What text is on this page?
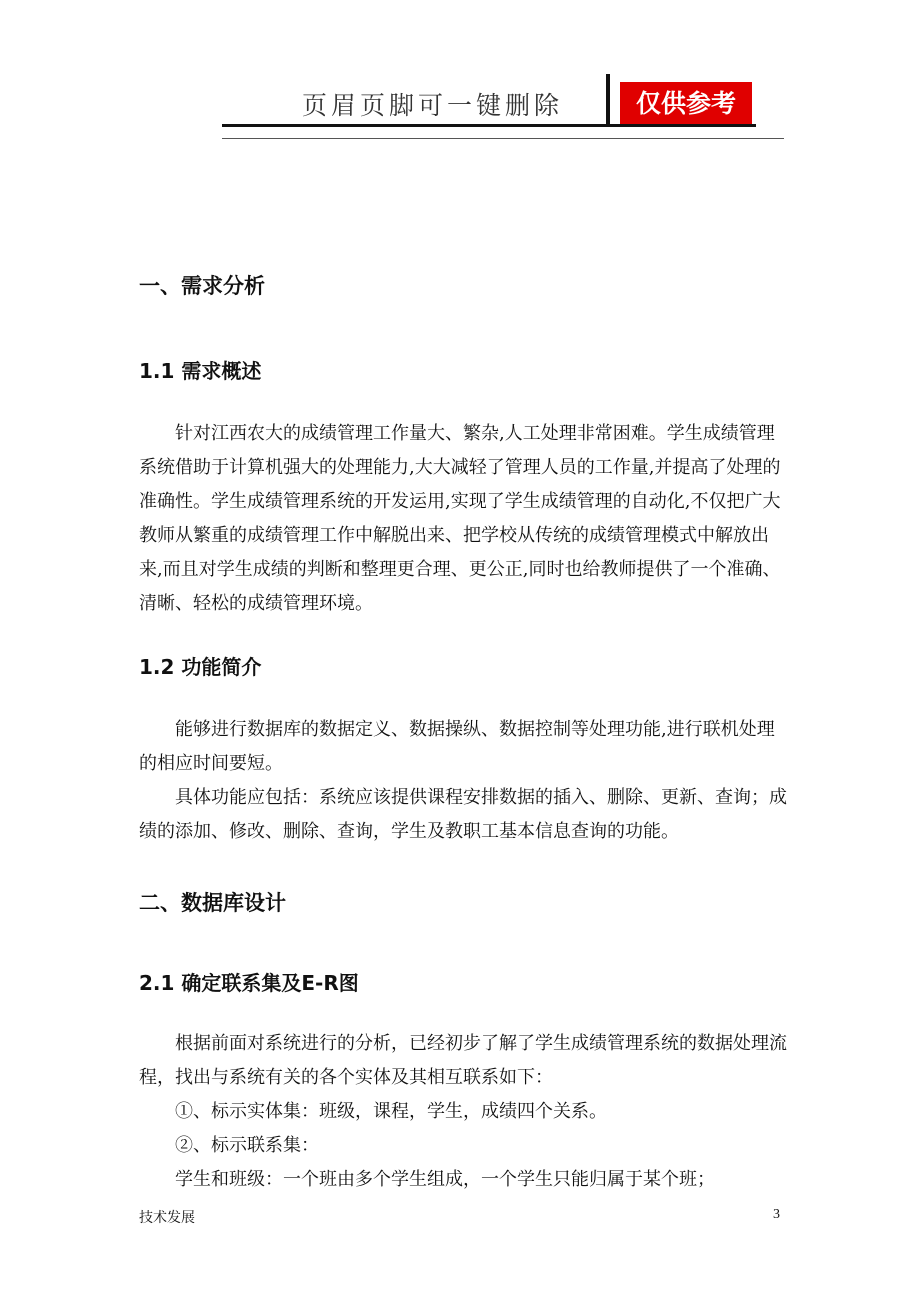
页眉页脚可一键删除	仅供参考
一、需求分析
1.1 需求概述

针对江西农大的成绩管理工作量大、繁杂,人工处理非常困难。学生成绩管理系统借助于计算机强大的处理能力,大大减轻了管理人员的工作量,并提高了处理的准确性。学生成绩管理系统的开发运用,实现了学生成绩管理的自动化,不仅把广大教师从繁重的成绩管理工作中解脱出来、把学校从传统的成绩管理模式中解放出来,而且对学生成绩的判断和整理更合理、更公正,同时也给教师提供了一个准确、清晰、轻松的成绩管理环境。

1.2 功能简介

能够进行数据库的数据定义、数据操纵、数据控制等处理功能,进行联机处理的相应时间要短。

具体功能应包括：系统应该提供课程安排数据的插入、删除、更新、查询；成绩的添加、修改、删除、查询，学生及教职工基本信息查询的功能。

二、数据库设计
2.1 确定联系集及E-R图

根据前面对系统进行的分析，已经初步了解了学生成绩管理系统的数据处理流程，找出与系统有关的各个实体及其相互联系如下：

①、标示实体集：班级，课程，学生，成绩四个关系。

②、标示联系集：

学生和班级：一个班由多个学生组成，一个学生只能归属于某个班；

技术发展	3
